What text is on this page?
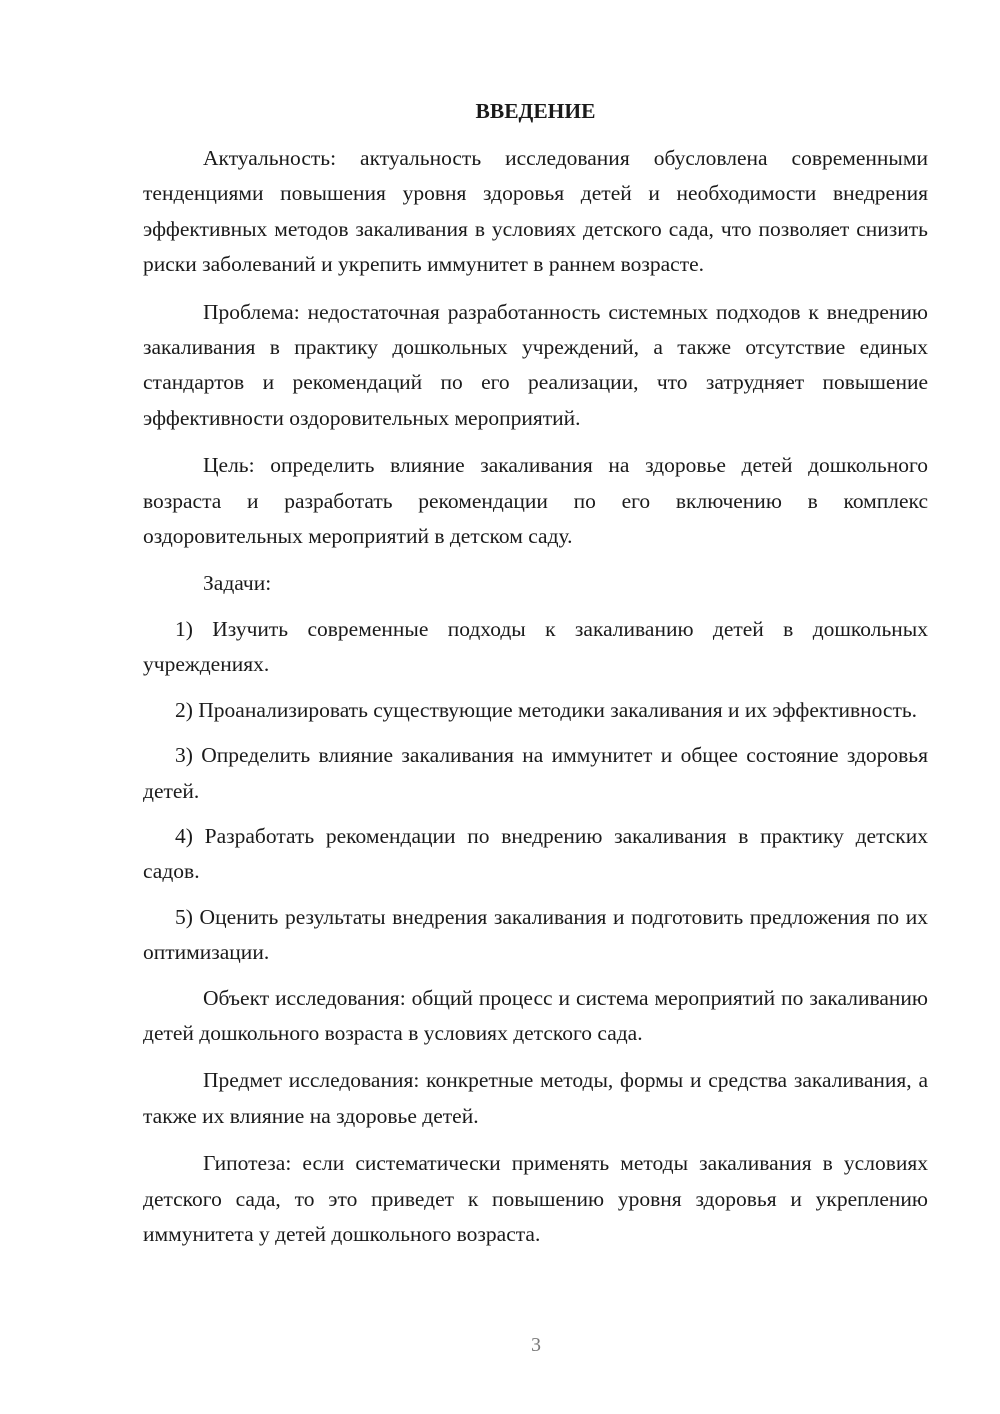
ВВЕДЕНИЕ

Актуальность: актуальность исследования обусловлена современными тенденциями повышения уровня здоровья детей и необходимости внедрения эффективных методов закаливания в условиях детского сада, что позволяет снизить риски заболеваний и укрепить иммунитет в раннем возрасте.

Проблема: недостаточная разработанность системных подходов к внедрению закаливания в практику дошкольных учреждений, а также отсутствие единых стандартов и рекомендаций по его реализации, что затрудняет повышение эффективности оздоровительных мероприятий.

Цель: определить влияние закаливания на здоровье детей дошкольного возраста и разработать рекомендации по его включению в комплекс оздоровительных мероприятий в детском саду.

Задачи:

1) Изучить современные подходы к закаливанию детей в дошкольных учреждениях.

2) Проанализировать существующие методики закаливания и их эффективность.

3) Определить влияние закаливания на иммунитет и общее состояние здоровья детей.

4) Разработать рекомендации по внедрению закаливания в практику детских садов.

5) Оценить результаты внедрения закаливания и подготовить предложения по их оптимизации.

Объект исследования: общий процесс и система мероприятий по закаливанию детей дошкольного возраста в условиях детского сада.

Предмет исследования: конкретные методы, формы и средства закаливания, а также их влияние на здоровье детей.

Гипотеза: если систематически применять методы закаливания в условиях детского сада, то это приведет к повышению уровня здоровья и укреплению иммунитета у детей дошкольного возраста.

3
